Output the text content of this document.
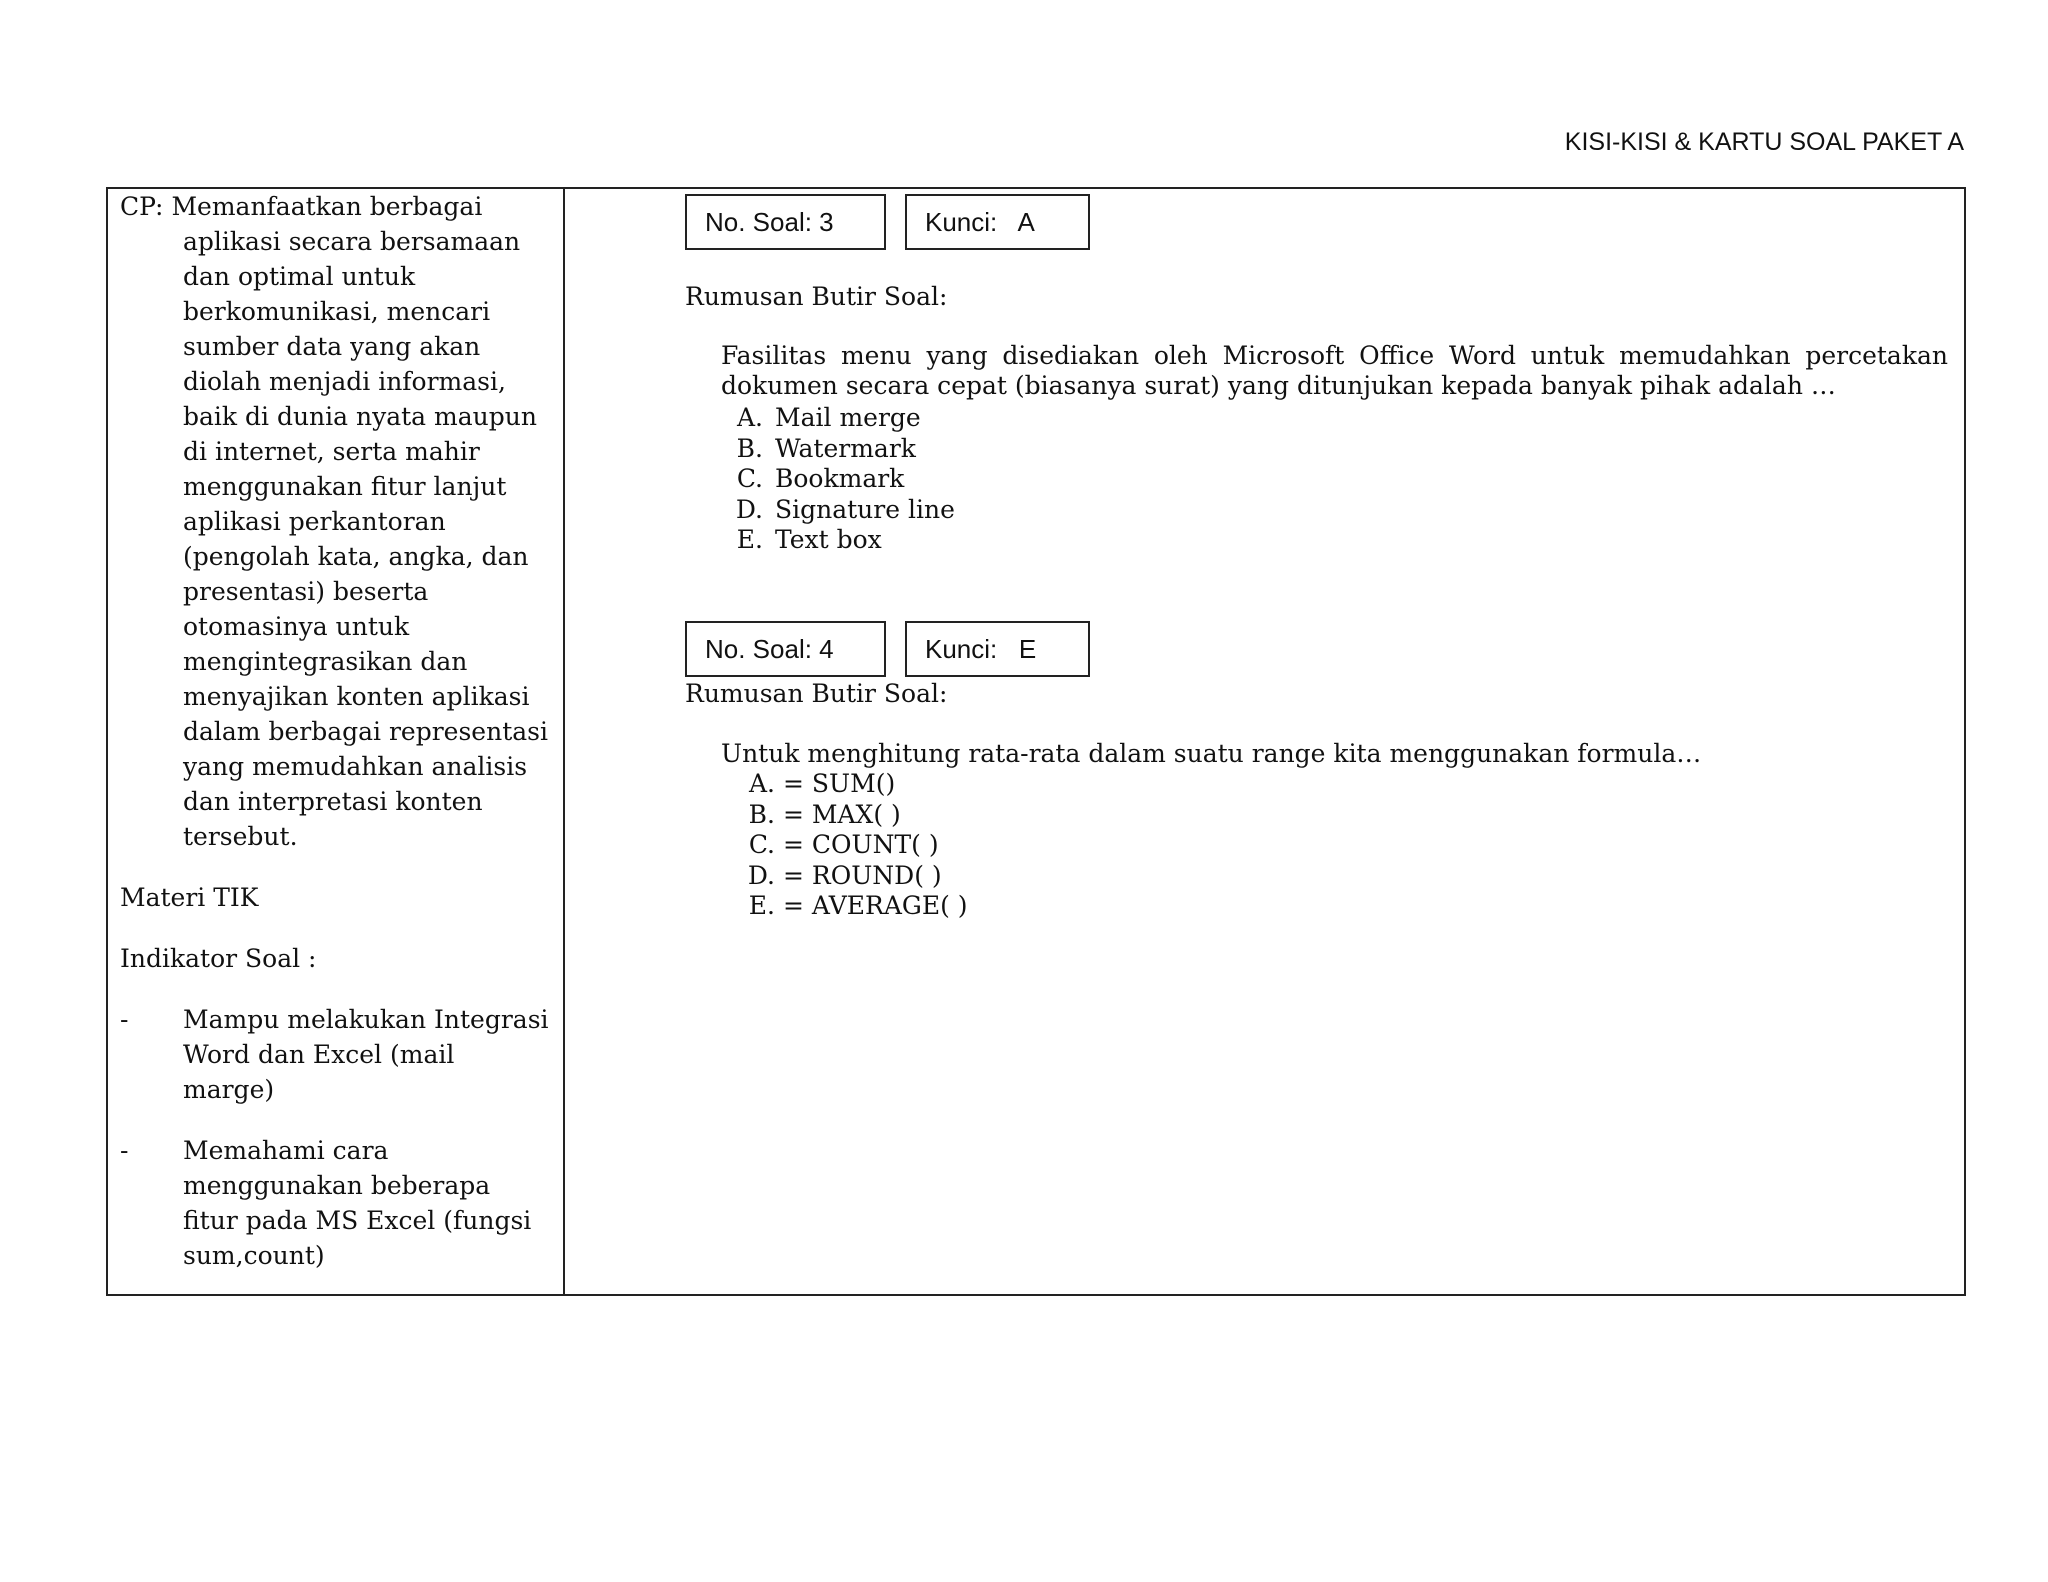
KISI-KISI & KARTU SOAL PAKET A

CP: Memanfaatkan berbagai aplikasi secara bersamaan dan optimal untuk berkomunikasi, mencari sumber data yang akan diolah menjadi informasi, baik di dunia nyata maupun di internet, serta mahir menggunakan fitur lanjut aplikasi perkantoran (pengolah kata, angka, dan presentasi) beserta otomasinya untuk mengintegrasikan dan menyajikan konten aplikasi dalam berbagai representasi yang memudahkan analisis dan interpretasi konten tersebut.

Materi TIK

Indikator Soal :

-	Mampu melakukan Integrasi Word dan Excel (mail marge)
-	Memahami cara menggunakan beberapa fitur pada MS Excel (fungsi sum,count)
No. Soal: 3	Kunci:   A
Rumusan Butir Soal:
Fasilitas menu yang disediakan oleh Microsoft Office Word untuk memudahkan percetakan dokumen secara cepat (biasanya surat) yang ditunjukan kepada banyak pihak adalah …
A. Mail merge
B. Watermark
C. Bookmark
D. Signature line
E. Text box
No. Soal: 4	Kunci:   E
Rumusan Butir Soal:
Untuk menghitung rata-rata dalam suatu range kita menggunakan formula…
A. = SUM()
B. = MAX( )
C. = COUNT( )
D. = ROUND( )
E. = AVERAGE( )
